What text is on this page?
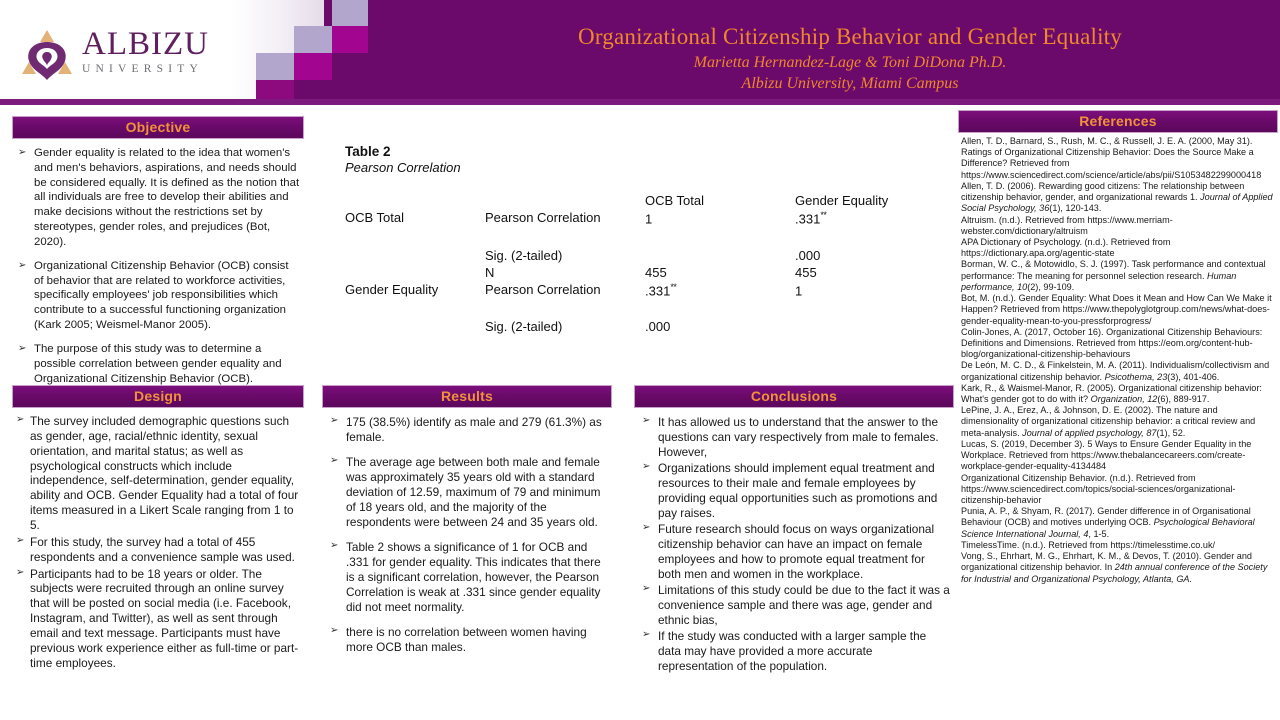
ALBIZU
UNIVERSITY
Organizational Citizenship Behavior and Gender Equality
Marietta Hernandez-Lage & Toni DiDona Ph.D.
Albizu University, Miami Campus
Objective
➢ Gender equality is related to the idea that women's and men's behaviors, aspirations, and needs should be considered equally. It is defined as the notion that all individuals are free to develop their abilities and make decisions without the restrictions set by stereotypes, gender roles, and prejudices (Bot, 2020).
➢ Organizational Citizenship Behavior (OCB) consist of behavior that are related to workforce activities, specifically employees' job responsibilities which contribute to a successful functioning organization (Kark 2005; Weismel-Manor 2005).
➢ The purpose of this study was to determine a possible correlation between gender equality and Organizational Citizenship Behavior (OCB).
Table 2
Pearson Correlation
		OCB Total	Gender Equality
OCB Total	Pearson Correlation	1	.331**

	Sig. (2-tailed)		.000
	N	455	455
Gender Equality	Pearson Correlation	.331**	1

	Sig. (2-tailed)	.000	
Design
➢ The survey included demographic questions such as gender, age, racial/ethnic identity, sexual orientation, and marital status; as well as psychological constructs which include independence, self-determination, gender equality, ability and OCB. Gender Equality had a total of four items measured in a Likert Scale ranging from 1 to 5.
➢ For this study, the survey had a total of 455 respondents and a convenience sample was used.
➢ Participants had to be 18 years or older. The subjects were recruited through an online survey that will be posted on social media (i.e. Facebook, Instagram, and Twitter), as well as sent through email and text message. Participants must have previous work experience either as full-time or part-time employees.
Results
➢ 175 (38.5%) identify as male and 279 (61.3%) as female.
➢ The average age between both male and female was approximately 35 years old with a standard deviation of 12.59, maximum of 79 and minimum of 18 years old, and the majority of the respondents were between 24 and 35 years old.
➢ Table 2 shows a significance of 1 for OCB and .331 for gender equality. This indicates that there is a significant correlation, however, the Pearson Correlation is weak at .331 since gender equality did not meet normality.
➢ there is no correlation between women having more OCB than males.
Conclusions
➢ It has allowed us to understand that the answer to the questions can vary respectively from male to females. However,
➢ Organizations should implement equal treatment and resources to their male and female employees by providing equal opportunities such as promotions and pay raises.
➢ Future research should focus on ways organizational citizenship behavior can have an impact on female employees and how to promote equal treatment for both men and women in the workplace.
➢ Limitations of this study could be due to the fact it was a convenience sample and there was age, gender and ethnic bias,
➢ If the study was conducted with a larger sample the data may have provided a more accurate representation of the population.
References

Allen, T. D., Barnard, S., Rush, M. C., & Russell, J. E. A. (2000, May 31). Ratings of Organizational Citizenship Behavior: Does the Source Make a Difference? Retrieved from https://www.sciencedirect.com/science/article/abs/pii/S1053482299000418

Allen, T. D. (2006). Rewarding good citizens: The relationship between citizenship behavior, gender, and organizational rewards 1. Journal of Applied Social Psychology, 36(1), 120-143.

Altruism. (n.d.). Retrieved from https://www.merriam-webster.com/dictionary/altruism

APA Dictionary of Psychology. (n.d.). Retrieved from https://dictionary.apa.org/agentic-state

Borman, W. C., & Motowidlo, S. J. (1997). Task performance and contextual performance: The meaning for personnel selection research. Human performance, 10(2), 99-109.

Bot, M. (n.d.). Gender Equality: What Does it Mean and How Can We Make it Happen? Retrieved from https://www.thepolyglotgroup.com/news/what-does-gender-equality-mean-to-you-pressforprogress/

Colin-Jones, A. (2017, October 16). Organizational Citizenship Behaviours: Definitions and Dimensions. Retrieved from https://eom.org/content-hub-blog/organizational-citizenship-behaviours

De León, M. C. D., & Finkelstein, M. A. (2011). Individualism/collectivism and organizational citizenship behavior. Psicothema, 23(3), 401-406.

Kark, R., & Waismel-Manor, R. (2005). Organizational citizenship behavior: What's gender got to do with it? Organization, 12(6), 889-917.

LePine, J. A., Erez, A., & Johnson, D. E. (2002). The nature and dimensionality of organizational citizenship behavior: a critical review and meta-analysis. Journal of applied psychology, 87(1), 52.

Lucas, S. (2019, December 3). 5 Ways to Ensure Gender Equality in the Workplace. Retrieved from https://www.thebalancecareers.com/create-workplace-gender-equality-4134484

Organizational Citizenship Behavior. (n.d.). Retrieved from https://www.sciencedirect.com/topics/social-sciences/organizational-citizenship-behavior

Punia, A. P., & Shyam, R. (2017). Gender difference in of Organisational Behaviour (OCB) and motives underlying OCB. Psychological Behavioral Science International Journal, 4, 1-5.

TimelessTime. (n.d.). Retrieved from https://timelesstime.co.uk/

Vong, S., Ehrhart, M. G., Ehrhart, K. M., & Devos, T. (2010). Gender and organizational citizenship behavior. In 24th annual conference of the Society for Industrial and Organizational Psychology, Atlanta, GA.
